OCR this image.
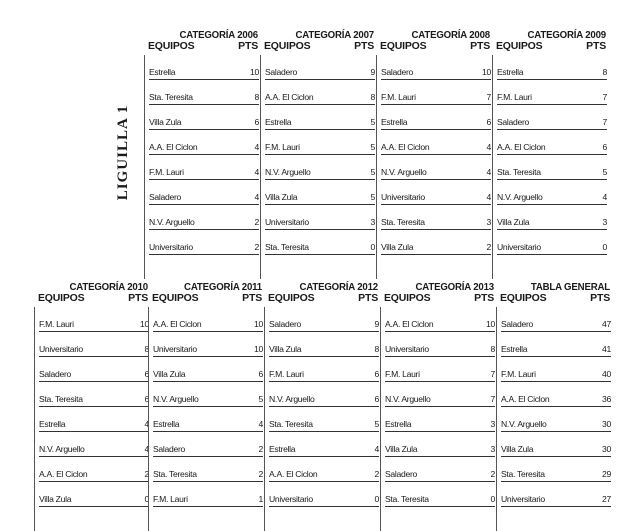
LIGUILLA 1
CATEGORÍA 2006
EQUIPOS	PTS
Estrella	10
Sta. Teresita	8
Villa Zula	6
A.A. El Ciclon	4
F.M. Lauri	4
Saladero	4
N.V. Arguello	2
Universitario	2
CATEGORÍA 2007
EQUIPOS	PTS
Saladero	9
A.A. El Ciclon	8
Estrella	5
F.M. Lauri	5
N.V. Arguello	5
Villa Zula	5
Universitario	3
Sta. Teresita	0
CATEGORÍA 2008
EQUIPOS	PTS
Saladero	10
F.M. Lauri	7
Estrella	6
A.A. El Ciclon	4
N.V. Arguello	4
Universitario	4
Sta. Teresita	3
Villa Zula	2
CATEGORÍA 2009
EQUIPOS	PTS
Estrella	8
F.M. Lauri	7
Saladero	7
A.A. El Ciclon	6
Sta. Teresita	5
N.V. Arguello	4
Villa Zula	3
Universitario	0
CATEGORÍA 2010
EQUIPOS	PTS
F.M. Lauri	10
Universitario	8
Saladero	6
Sta. Teresita	6
Estrella	4
N.V. Arguello	4
A.A. El Ciclon	2
Villa Zula	0
CATEGORÍA 2011
EQUIPOS	PTS
A.A. El Ciclon	10
Universitario	10
Villa Zula	6
N.V. Arguello	5
Estrella	4
Saladero	2
Sta. Teresita	2
F.M. Lauri	1
CATEGORÍA 2012
EQUIPOS	PTS
Saladero	9
Villa Zula	8
F.M. Lauri	6
N.V. Arguello	6
Sta. Teresita	5
Estrella	4
A.A. El Ciclon	2
Universitario	0
CATEGORÍA 2013
EQUIPOS	PTS
A.A. El Ciclon	10
Universitario	8
F.M. Lauri	7
N.V. Arguello	7
Estrella	3
Villa Zula	3
Saladero	2
Sta. Teresita	0
TABLA GENERAL
EQUIPOS	PTS
Saladero	47
Estrella	41
F.M. Lauri	40
A.A. El Ciclon	36
N.V. Arguello	30
Villa Zula	30
Sta. Teresita	29
Universitario	27
